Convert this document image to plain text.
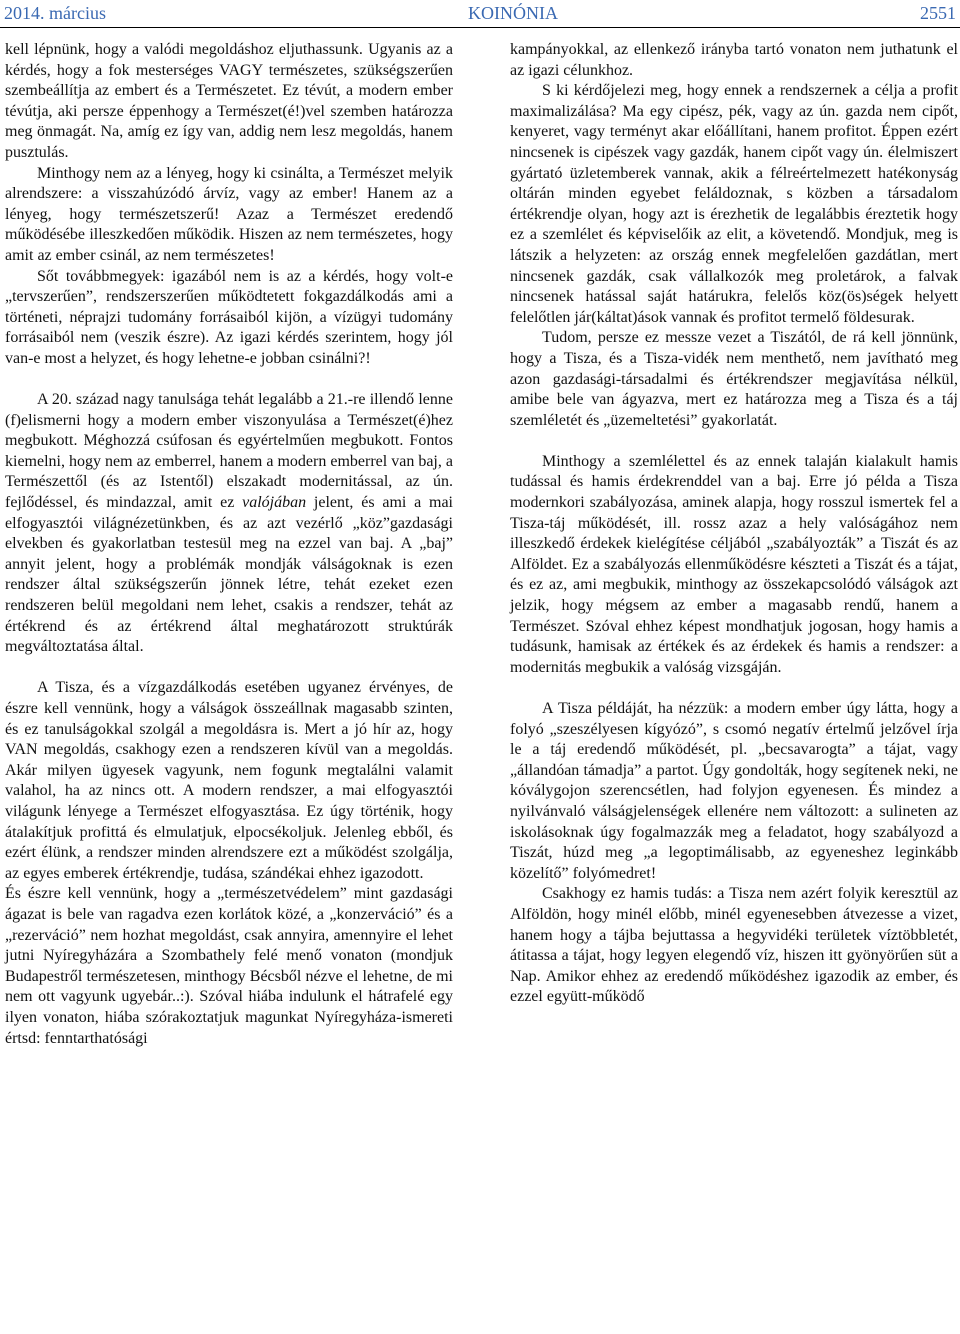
2014. március	KOINÓNIA	2551

kell lépnünk, hogy a valódi megoldáshoz eljuthassunk. Ugyanis az a kérdés, hogy a fok mesterséges VAGY természetes, szükségszerűen szembeállítja az embert és a Természetet. Ez tévút, a modern ember tévútja, aki persze éppenhogy a Természet(é!)vel szemben határozza meg önmagát. Na, amíg ez így van, addig nem lesz megoldás, hanem pusztulás.

Minthogy nem az a lényeg, hogy ki csinálta, a Természet melyik alrendszere: a visszahúzódó árvíz, vagy az ember! Hanem az a lényeg, hogy természetszerű! Azaz a Természet eredendő működésébe illeszkedően működik. Hiszen az nem természetes, hogy amit az ember csinál, az nem természetes!

Sőt továbbmegyek: igazából nem is az a kérdés, hogy volt-e „tervszerűen”, rendszerszerűen működtetett fokgazdálkodás ami a történeti, néprajzi tudomány forrásaiból kijön, a vízügyi tudomány forrásaiból nem (veszik észre). Az igazi kérdés szerintem, hogy jól van-e most a helyzet, és hogy lehetne-e jobban csinálni?!

A 20. század nagy tanulsága tehát legalább a 21.-re illendő lenne (f)elismerni hogy a modern ember viszonyulása a Természet(é)hez megbukott. Méghozzá csúfosan és egyértelműen megbukott. Fontos kiemelni, hogy nem az emberrel, hanem a modern emberrel van baj, a Természettől (és az Istentől) elszakadt modernitással, az ún. fejlődéssel, és mindazzal, amit ez valójában jelent, és ami a mai elfogyasztói világnézetünkben, és az azt vezérlő „köz”gazdasági elvekben és gyakorlatban testesül meg na ezzel van baj. A „baj” annyit jelent, hogy a problémák mondják válságoknak is ezen rendszer által szükségszerűn jönnek létre, tehát ezeket ezen rendszeren belül megoldani nem lehet, csakis a rendszer, tehát az értékrend és az értékrend által meghatározott struktúrák megváltoztatása által.

A Tisza, és a vízgazdálkodás esetében ugyanez érvényes, de észre kell vennünk, hogy a válságok összeállnak magasabb szinten, és ez tanulságokkal szolgál a megoldásra is. Mert a jó hír az, hogy VAN megoldás, csakhogy ezen a rendszeren kívül van a megoldás. Akár milyen ügyesek vagyunk, nem fogunk megtalálni valamit valahol, ha az nincs ott. A modern rendszer, a mai elfogyasztói világunk lényege a Természet elfogyasztása. Ez úgy történik, hogy átalakítjuk profittá és elmulatjuk, elpocsékoljuk. Jelenleg ebből, és ezért élünk, a rendszer minden alrendszere ezt a működést szolgálja, az egyes emberek értékrendje, tudása, szándékai ehhez igazodott.

És észre kell vennünk, hogy a „természetvédelem” mint gazdasági ágazat is bele van ragadva ezen korlátok közé, a „konzerváció” és a „rezerváció” nem hozhat megoldást, csak annyira, amennyire el lehet jutni Nyíregyházára a Szombathely felé menő vonaton (mondjuk Budapestről természetesen, minthogy Bécsből nézve el lehetne, de mi nem ott vagyunk ugyebár..:). Szóval hiába indulunk el hátrafelé egy ilyen vonaton, hiába szórakoztatjuk magunkat Nyíregyháza-ismereti értsd: fenntarthatósági

kampányokkal, az ellenkező irányba tartó vonaton nem juthatunk el az igazi célunkhoz.

S ki kérdőjelezi meg, hogy ennek a rendszernek a célja a profit maximalizálása? Ma egy cipész, pék, vagy az ún. gazda nem cipőt, kenyeret, vagy terményt akar előállítani, hanem profitot. Éppen ezért nincsenek is cipészek vagy gazdák, hanem cipőt vagy ún. élelmiszert gyártató üzletemberek vannak, akik a félreértelmezett hatékonyság oltárán minden egyebet feláldoznak, s közben a társadalom értékrendje olyan, hogy azt is érezhetik de legalábbis éreztetik hogy ez a szemlélet és képviselőik az elit, a követendő. Mondjuk, meg is látszik a helyzeten: az ország ennek megfelelően gazdátlan, mert nincsenek gazdák, csak vállalkozók meg proletárok, a falvak nincsenek hatással saját határukra, felelős köz(ös)ségek helyett felelőtlen jár(káltat)ások vannak és profitot termelő földesurak.

Tudom, persze ez messze vezet a Tiszától, de rá kell jönnünk, hogy a Tisza, és a Tisza-vidék nem menthető, nem javítható meg azon gazdasági-társadalmi és értékrendszer megjavítása nélkül, amibe bele van ágyazva, mert ez határozza meg a Tisza és a táj szemléletét és „üzemeltetési” gyakorlatát.

Minthogy a szemlélettel és az ennek talaján kialakult hamis tudással és hamis érdekrenddel van a baj. Erre jó példa a Tisza modernkori szabályozása, aminek alapja, hogy rosszul ismertek fel a Tisza-táj működését, ill. rossz azaz a hely valóságához nem illeszkedő érdekek kielégítése céljából „szabályozták” a Tiszát és az Alföldet. Ez a szabályozás ellenműködésre készteti a Tiszát és a tájat, és ez az, ami megbukik, minthogy az összekapcsolódó válságok azt jelzik, hogy mégsem az ember a magasabb rendű, hanem a Természet. Szóval ehhez képest mondhatjuk jogosan, hogy hamis a tudásunk, hamisak az értékek és az érdekek és hamis a rendszer: a modernitás megbukik a valóság vizsgáján.

A Tisza példáját, ha nézzük: a modern ember úgy látta, hogy a folyó „szeszélyesen kígyózó”, s csomó negatív értelmű jelzővel írja le a táj eredendő működését, pl. „becsavarogta” a tájat, vagy „állandóan támadja” a partot. Úgy gondolták, hogy segítenek neki, ne kóválygojon szerencsétlen, had folyjon egyenesen. És mindez a nyilvánvaló válságjelenségek ellenére nem változott: a sulineten az iskolásoknak úgy fogalmazzák meg a feladatot, hogy szabályozd a Tiszát, húzd meg „a legoptimálisabb, az egyeneshez leginkább közelítő” folyómedret!

Csakhogy ez hamis tudás: a Tisza nem azért folyik keresztül az Alföldön, hogy minél előbb, minél egyenesebben átvezesse a vizet, hanem hogy a tájba bejuttassa a hegyvidéki területek víztöbbletét, átitassa a tájat, hogy legyen elegendő víz, hiszen itt gyönyörűen süt a Nap. Amikor ehhez az eredendő működéshez igazodik az ember, és ezzel együtt-működő
